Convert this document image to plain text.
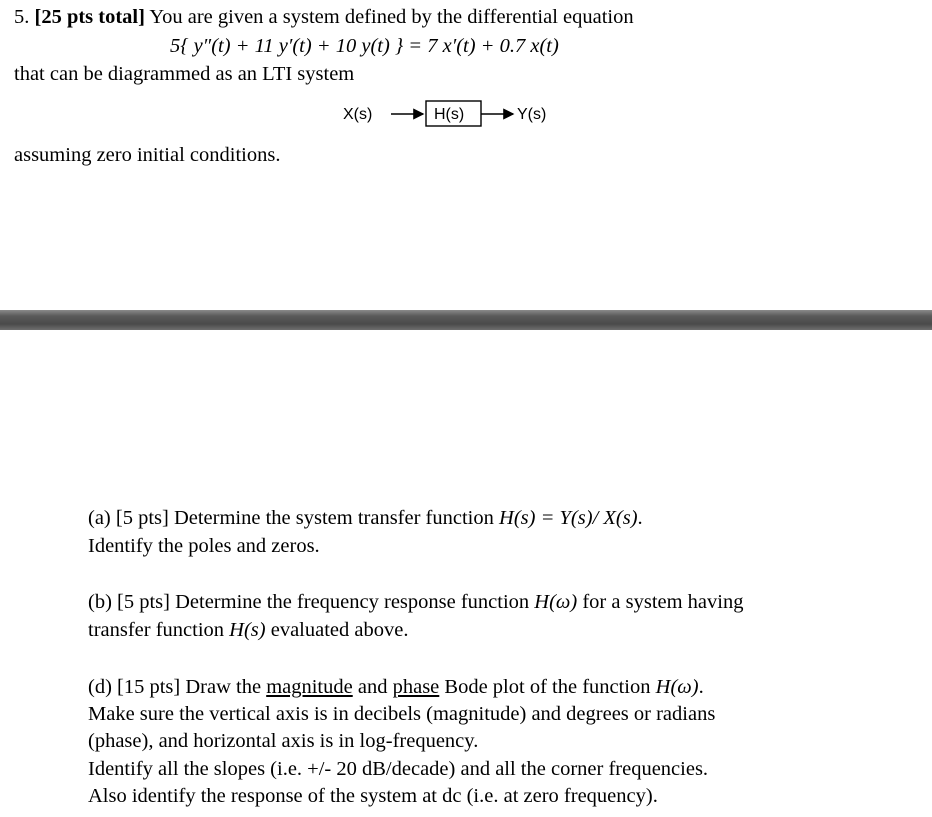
5. [25 pts total] You are given a system defined by the differential equation
5{ y″(t) + 11 y′(t) + 10 y(t) } = 7 x′(t) + 0.7 x(t)
that can be diagrammed as an LTI system
X(s)	H(s)	Y(s)
assuming zero initial conditions.
(a) [5 pts] Determine the system transfer function H(s) = Y(s)/ X(s).
Identify the poles and zeros.
(b) [5 pts] Determine the frequency response function H(ω) for a system having
transfer function H(s) evaluated above.
(d) [15 pts] Draw the magnitude and phase Bode plot of the function H(ω).
Make sure the vertical axis is in decibels (magnitude) and degrees or radians
(phase), and horizontal axis is in log-frequency.
Identify all the slopes (i.e. +/- 20 dB/decade) and all the corner frequencies.
Also identify the response of the system at dc (i.e. at zero frequency).
